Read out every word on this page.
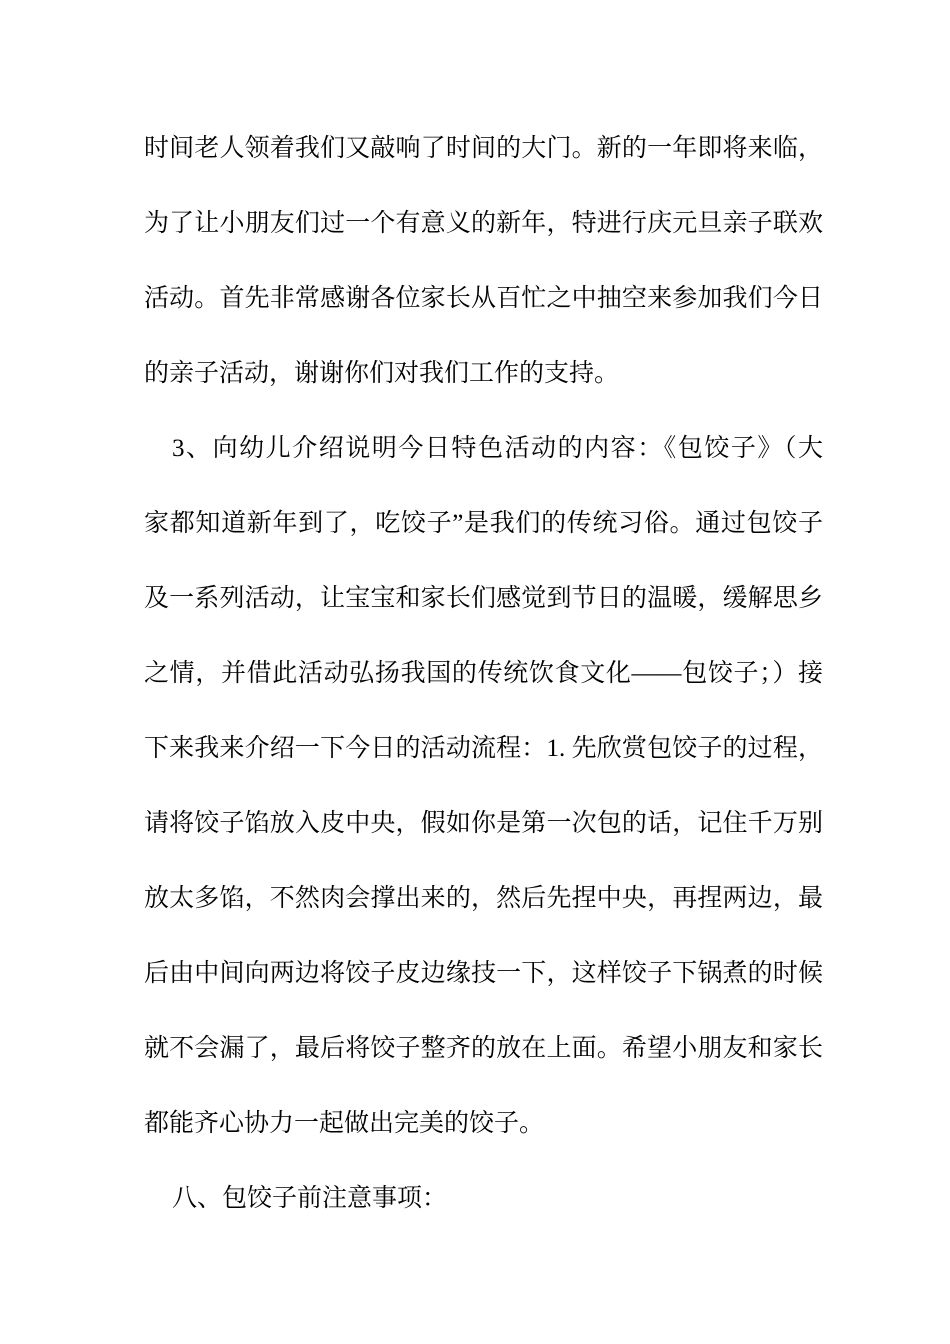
时间老人领着我们又敲响了时间的大门。新的一年即将来临，
为了让小朋友们过一个有意义的新年，特进行庆元旦亲子联欢
活动。首先非常感谢各位家长从百忙之中抽空来参加我们今日
的亲子活动，谢谢你们对我们工作的支持。
3、向幼儿介绍说明今日特色活动的内容：《包饺子》（大
家都知道新年到了，吃饺子”是我们的传统习俗。通过包饺子
及一系列活动，让宝宝和家长们感觉到节日的温暖，缓解思乡
之情，并借此活动弘扬我国的传统饮食文化——包饺子；）接
下来我来介绍一下今日的活动流程：1. 先欣赏包饺子的过程，
请将饺子馅放入皮中央，假如你是第一次包的话，记住千万别
放太多馅，不然肉会撑出来的，然后先捏中央，再捏两边，最
后由中间向两边将饺子皮边缘技一下，这样饺子下锅煮的时候
就不会漏了，最后将饺子整齐的放在上面。希望小朋友和家长
都能齐心协力一起做出完美的饺子。
八、包饺子前注意事项：
